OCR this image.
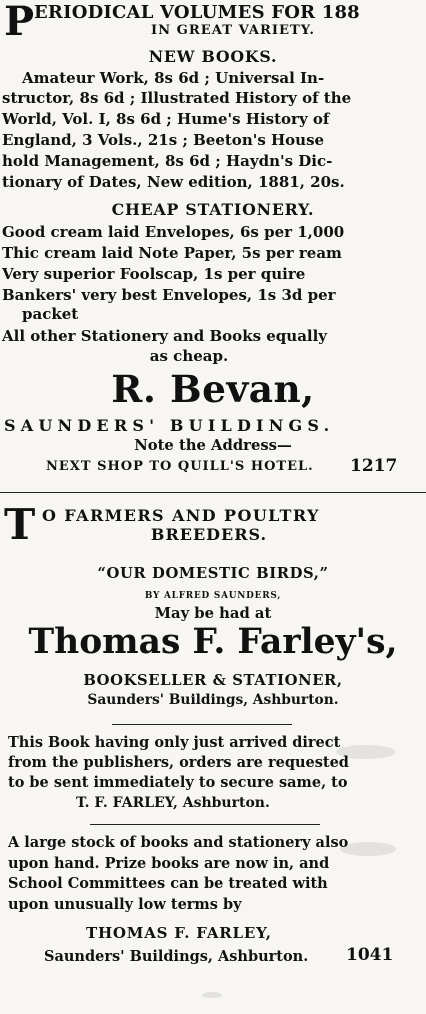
P ERIODICAL VOLUMES FOR 188
IN GREAT VARIETY.
NEW BOOKS.
Amateur Work, 8s 6d ; Universal In-
structor, 8s 6d ; Illustrated History of the
World, Vol. I, 8s 6d ; Hume's History of
England, 3 Vols., 21s ; Beeton's House
hold Management, 8s 6d ; Haydn's Dic-
tionary of Dates, New edition, 1881, 20s.
CHEAP STATIONERY.
Good cream laid Envelopes, 6s per 1,000
Thic cream laid Note Paper, 5s per ream
Very superior Foolscap, 1s per quire
Bankers' very best Envelopes, 1s 3d per
packet
All other Stationery and Books equally
as cheap.
R. Bevan,
SAUNDERS' BUILDINGS.
Note the Address—
NEXT SHOP TO QUILL'S HOTEL. 1217
T O FARMERS AND POULTRY
BREEDERS.
“OUR DOMESTIC BIRDS,”
BY ALFRED SAUNDERS,
May be had at
Thomas F. Farley's,
BOOKSELLER & STATIONER,
Saunders' Buildings, Ashburton.
This Book having only just arrived direct
from the publishers, orders are requested
to be sent immediately to secure same, to
T. F. FARLEY, Ashburton.
A large stock of books and stationery also
upon hand. Prize books are now in, and
School Committees can be treated with
upon unusually low terms by
THOMAS F. FARLEY,
Saunders' Buildings, Ashburton. 1041
